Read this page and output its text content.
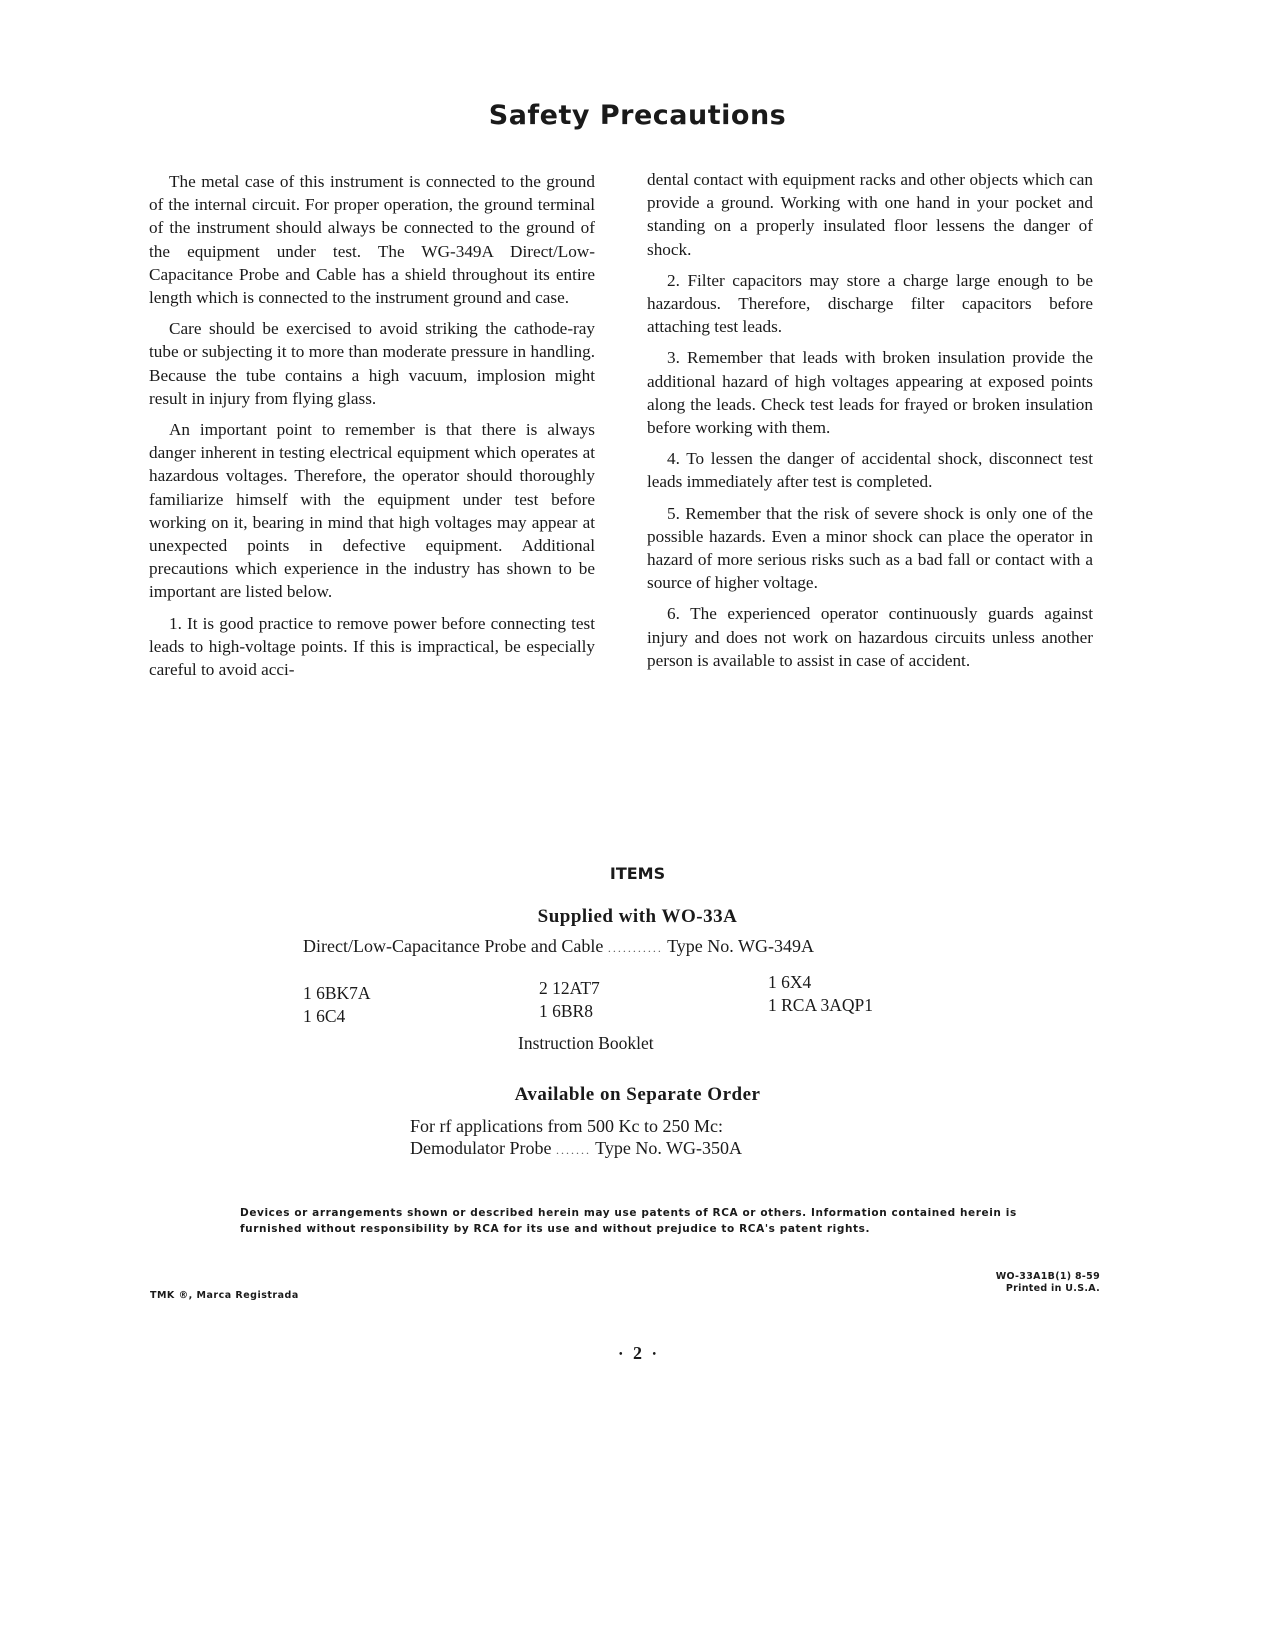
Safety Precautions

The metal case of this instrument is connected to the ground of the internal circuit. For proper operation, the ground terminal of the instrument should always be connected to the ground of the equipment under test. The WG-349A Direct/Low-Capacitance Probe and Cable has a shield throughout its entire length which is connected to the instrument ground and case.

Care should be exercised to avoid striking the cathode-ray tube or subjecting it to more than moderate pressure in handling. Because the tube contains a high vacuum, implosion might result in injury from flying glass.

An important point to remember is that there is always danger inherent in testing electrical equipment which operates at hazardous voltages. Therefore, the operator should thoroughly familiarize himself with the equipment under test before working on it, bearing in mind that high voltages may appear at unexpected points in defective equipment. Additional precautions which experience in the industry has shown to be important are listed below.

1. It is good practice to remove power before connecting test leads to high-voltage points. If this is impractical, be especially careful to avoid acci-

dental contact with equipment racks and other objects which can provide a ground. Working with one hand in your pocket and standing on a properly insulated floor lessens the danger of shock.

2. Filter capacitors may store a charge large enough to be hazardous. Therefore, discharge filter capacitors before attaching test leads.

3. Remember that leads with broken insulation provide the additional hazard of high voltages appearing at exposed points along the leads. Check test leads for frayed or broken insulation before working with them.

4. To lessen the danger of accidental shock, disconnect test leads immediately after test is completed.

5. Remember that the risk of severe shock is only one of the possible hazards. Even a minor shock can place the operator in hazard of more serious risks such as a bad fall or contact with a source of higher voltage.

6. The experienced operator continuously guards against injury and does not work on hazardous circuits unless another person is available to assist in case of accident.

ITEMS
Supplied with WO-33A
Direct/Low-Capacitance Probe and Cable ........... Type No. WG-349A
1 6BK7A
1 6C4
2 12AT7
1 6BR8
1 6X4
1 RCA 3AQP1
Instruction Booklet
Available on Separate Order
For rf applications from 500 Kc to 250 Mc:
Demodulator Probe ....... Type No. WG-350A
Devices or arrangements shown or described herein may use patents of RCA or others. Information contained herein is furnished without responsibility by RCA for its use and without prejudice to RCA's patent rights.
TMK ®, Marca Registrada
WO-33A1B(1) 8-59
Printed in U.S.A.
• 2 •
